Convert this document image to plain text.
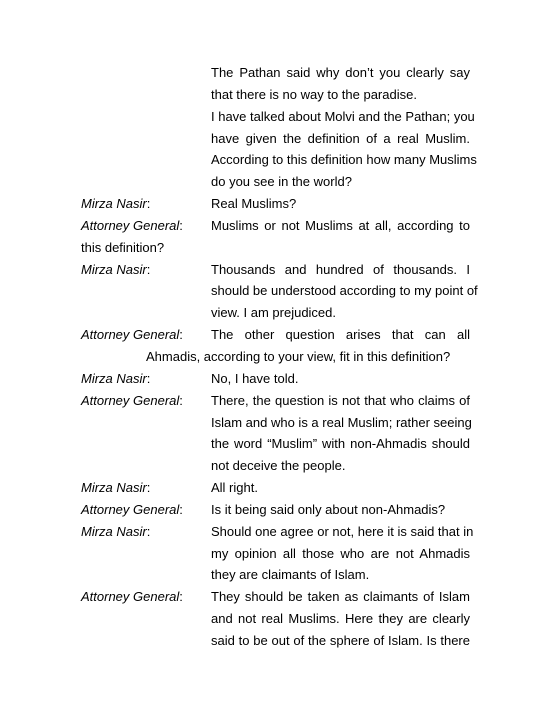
The Pathan said why don’t you clearly say
that there is no way to the paradise.
I have talked about Molvi and the Pathan; you
have given the definition of a real Muslim.
According to this definition how many Muslims
do you see in the world?
Mirza Nasir:	Real Muslims?
Attorney General: Muslims or not Muslims at all, according to
this definition?
Mirza Nasir:	Thousands and hundred of thousands. I
should be understood according to my point of
view. I am prejudiced.
Attorney General: The other question arises that can all
Ahmadis, according to your view, fit in this definition?
Mirza Nasir:	No, I have told.
Attorney General: There, the question is not that who claims of
Islam and who is a real Muslim; rather seeing
the word “Muslim” with non-Ahmadis should
not deceive the people.
Mirza Nasir:	All right.
Attorney General: Is it being said only about non-Ahmadis?
Mirza Nasir:	Should one agree or not, here it is said that in
my opinion all those who are not Ahmadis
they are claimants of Islam.
Attorney General: They should be taken as claimants of Islam
and not real Muslims. Here they are clearly
said to be out of the sphere of Islam. Is there
